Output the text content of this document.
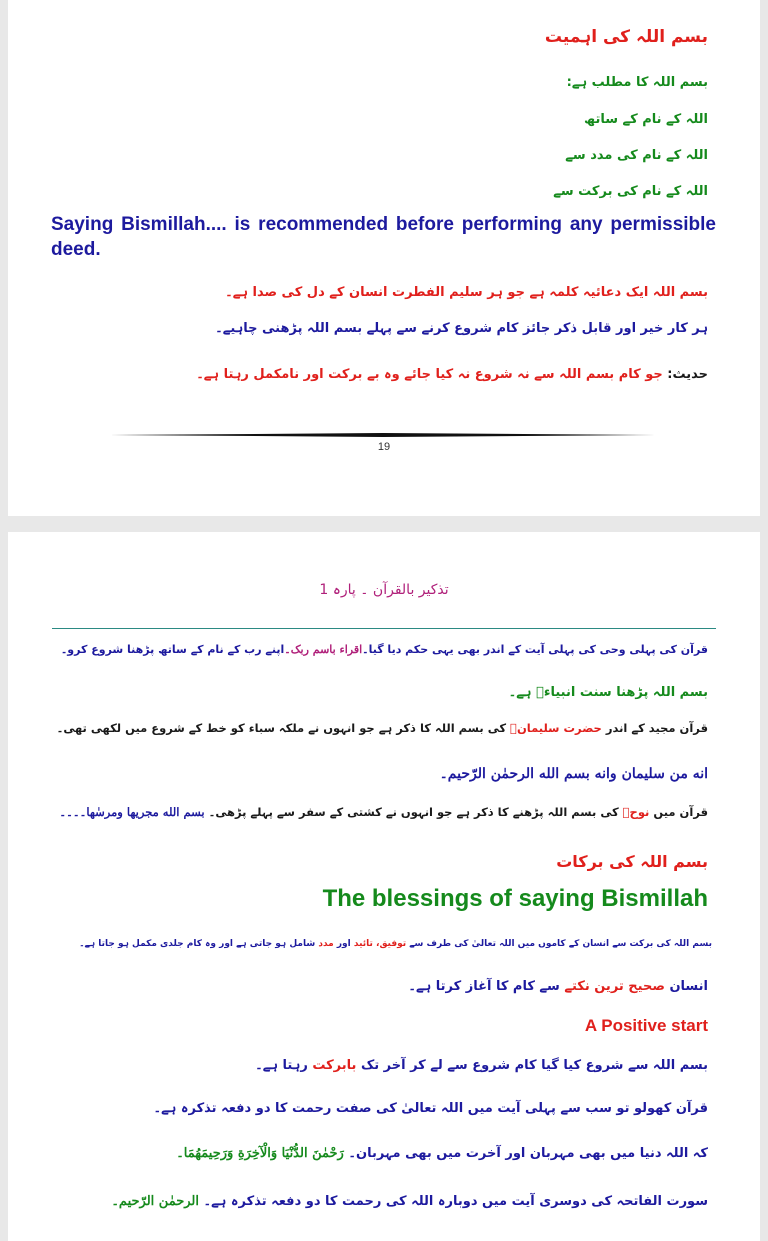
بسم اللہ کی اہمیت
بسم اللہ کا مطلب ہے:
اللہ کے نام کے ساتھ
اللہ کے نام کی مدد سے
اللہ کے نام کی برکت سے
Saying Bismillah.... is recommended before performing any permissible deed.
بسم اللہ ایک دعائیہ کلمہ ہے جو ہر سلیم الفطرت انسان کے دل کی صدا ہے۔
ہر کار خیر اور قابل ذکر جائز کام شروع کرنے سے پہلے بسم اللہ پڑھنی چاہیے۔
حدیث: جو کام بسم اللہ سے نہ شروع نہ کیا جائے وہ بے برکت اور نامکمل رہتا ہے۔
19
تذکیر بالقرآن ۔ پارہ 1
قرآن کی پہلی وحی کی پہلی آیت کے اندر بھی یہی حکم دیا گیا۔اقراء باسم ربک۔اپنے رب کے نام کے ساتھ پڑھنا شروع کرو۔
بسم اللہ پڑھنا سنت انبیاءؑ ہے۔
قرآن مجید کے اندر حضرت سلیمانؑ کی بسم اللہ کا ذکر ہے جو انہوں نے ملکہ سباء کو خط کے شروع میں لکھی تھی۔
انه من سليمان وانه بسم الله الرحمٰن الرّحيم۔
قرآن میں نوحؑ کی بسم اللہ پڑھنے کا ذکر ہے جو انہوں نے کشتی کے سفر سے پہلے پڑھی۔ بسم الله مجريها ومرسٰها۔۔۔۔
بسم اللہ کی برکات
The blessings of saying Bismillah
بسم اللہ کی برکت سے انسان کے کاموں میں اللہ تعالیٰ کی طرف سے توفیق، تائید اور مدد شامل ہو جاتی ہے اور وہ کام جلدی مکمل ہو جاتا ہے۔
انسان صحیح ترین نکتے سے کام کا آغاز کرتا ہے۔
A Positive start
بسم اللہ سے شروع کیا گیا کام شروع سے لے کر آخر تک بابرکت رہتا ہے۔
قرآن کھولو تو سب سے پہلی آیت میں اللہ تعالیٰ کی صفت رحمت کا دو دفعہ تذکرہ ہے۔
کہ اللہ دنیا میں بھی مہربان اور آخرت میں بھی مہربان۔ رَحْمٰنَ الدُّنْيَا وَالْآخِرَةِ وَرَحِيمَهُمَا۔
سورت الفاتحہ کی دوسری آیت میں دوبارہ اللہ کی رحمت کا دو دفعہ تذکرہ ہے۔ الرحمٰن الرّحيم۔
